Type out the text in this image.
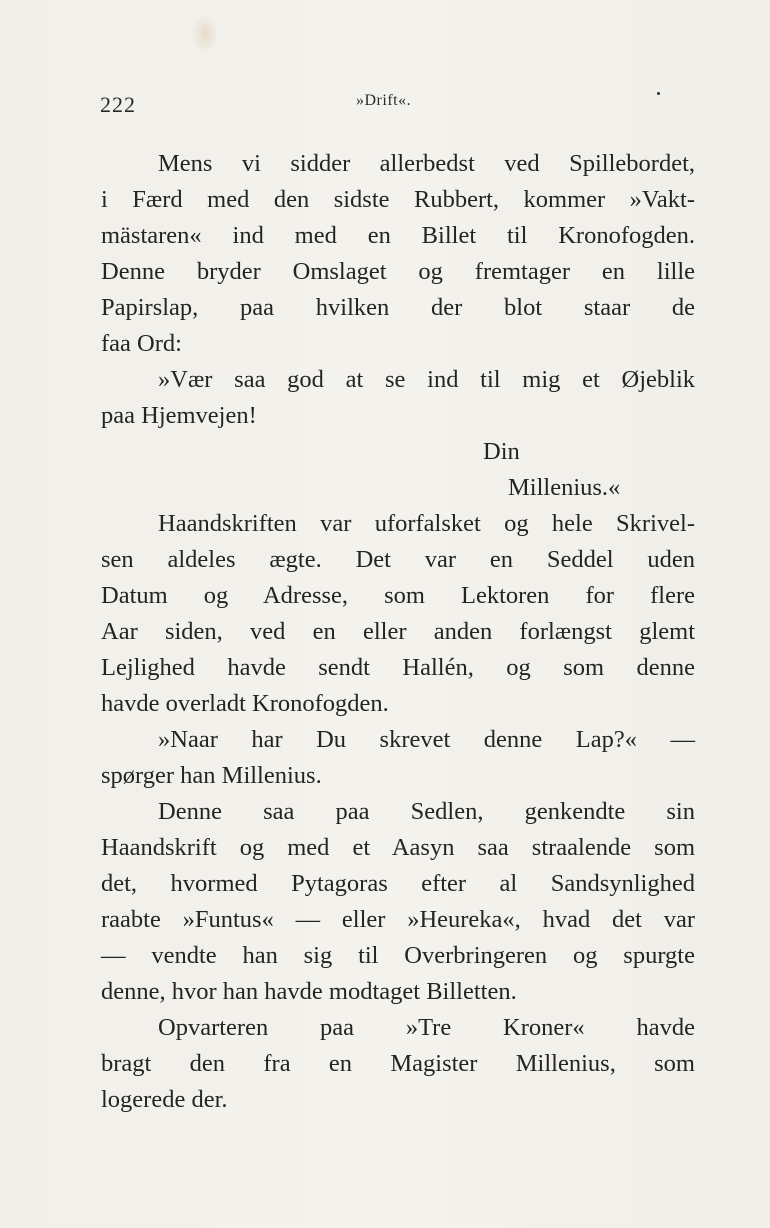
222	»Drift«.
Mens vi sidder allerbedst ved Spillebordet,
i Færd med den sidste Rubbert, kommer »Vakt-
mästaren« ind med en Billet til Kronofogden.
Denne bryder Omslaget og fremtager en lille
Papirslap, paa hvilken der blot staar de
faa Ord:
»Vær saa god at se ind til mig et Øjeblik
paa Hjemvejen!
Din
Millenius.«
Haandskriften var uforfalsket og hele Skrivel-
sen aldeles ægte. Det var en Seddel uden
Datum og Adresse, som Lektoren for flere
Aar siden, ved en eller anden forlængst glemt
Lejlighed havde sendt Hallén, og som denne
havde overladt Kronofogden.
»Naar har Du skrevet denne Lap?« —
spørger han Millenius.
Denne saa paa Sedlen, genkendte sin
Haandskrift og med et Aasyn saa straalende som
det, hvormed Pytagoras efter al Sandsynlighed
raabte »Funtus« — eller »Heureka«, hvad det var
— vendte han sig til Overbringeren og spurgte
denne, hvor han havde modtaget Billetten.
Opvarteren paa »Tre Kroner« havde
bragt den fra en Magister Millenius, som
logerede der.
